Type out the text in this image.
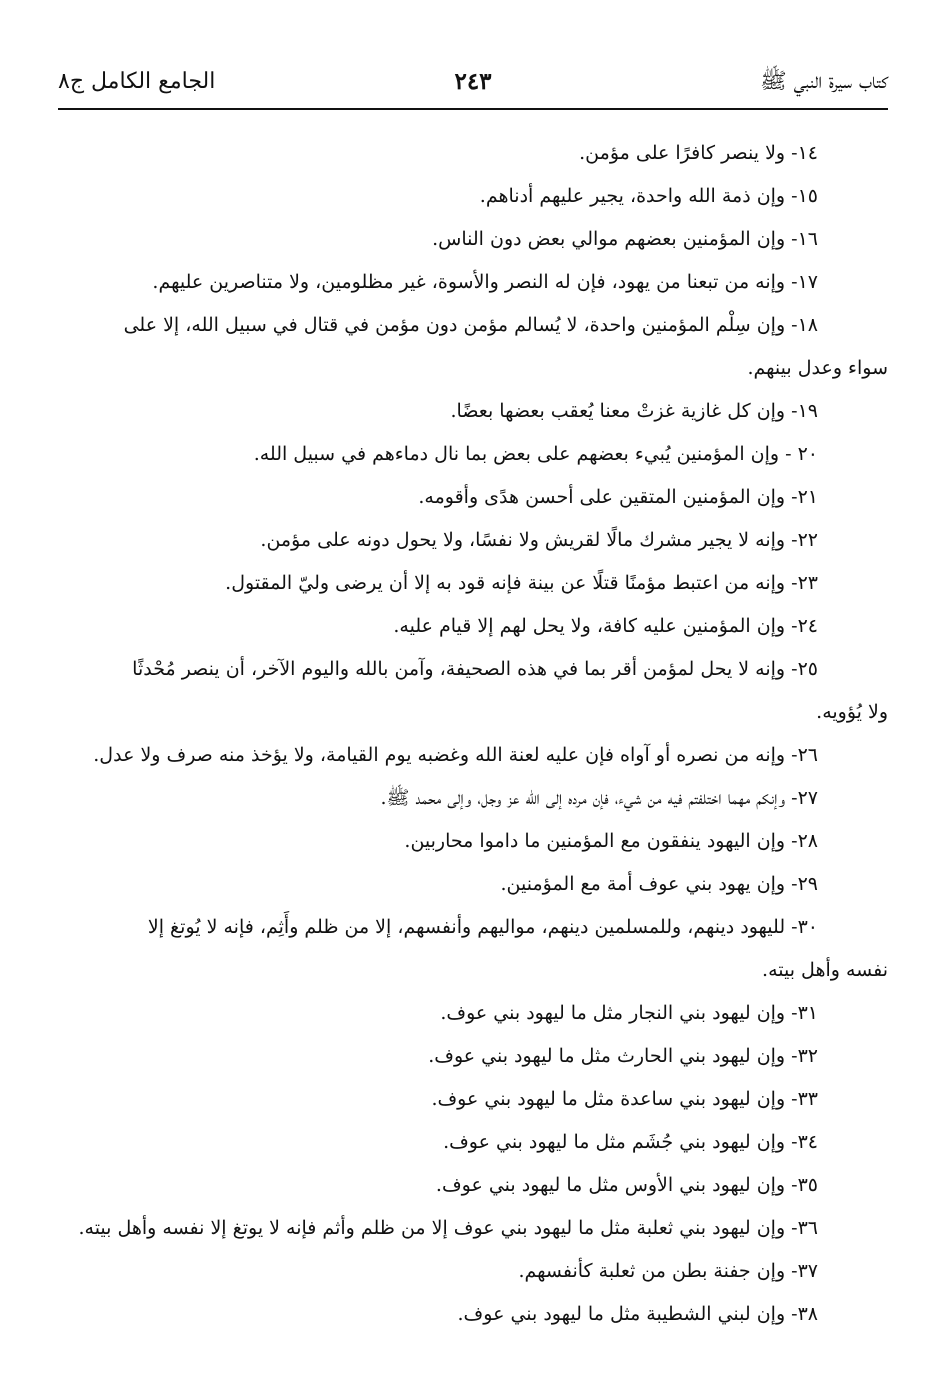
كتاب سيرة النبي ﷺ
٢٤٣
الجامع الكامل ج٨
١٤- ولا ينصر كافرًا على مؤمن.
١٥- وإن ذمة الله واحدة، يجير عليهم أدناهم.
١٦- وإن المؤمنين بعضهم موالي بعض دون الناس.
١٧- وإنه من تبعنا من يهود، فإن له النصر والأسوة، غير مظلومين، ولا متناصرين عليهم.
١٨- وإن سِلْم المؤمنين واحدة، لا يُسالم مؤمن دون مؤمن في قتال في سبيل الله، إلا على
سواء وعدل بينهم.
١٩- وإن كل غازية غزتْ معنا يُعقب بعضها بعضًا.
٢٠ - وإن المؤمنين يُبيء بعضهم على بعض بما نال دماءهم في سبيل الله.
٢١- وإن المؤمنين المتقين على أحسن هدًى وأقومه.
٢٢- وإنه لا يجير مشرك مالًا لقريش ولا نفسًا، ولا يحول دونه على مؤمن.
٢٣- وإنه من اعتبط مؤمنًا قتلًا عن بينة فإنه قود به إلا أن يرضى وليّ المقتول.
٢٤- وإن المؤمنين عليه كافة، ولا يحل لهم إلا قيام عليه.
٢٥- وإنه لا يحل لمؤمن أقر بما في هذه الصحيفة، وآمن بالله واليوم الآخر، أن ينصر مُحْدثًا
ولا يُؤويه.
٢٦- وإنه من نصره أو آواه فإن عليه لعنة الله وغضبه يوم القيامة، ولا يؤخذ منه صرف ولا عدل.
٢٧- وإنكم مهما اختلفتم فيه من شيء، فإن مرده إلى الله عز وجل، وإلى محمد ﷺ.
٢٨- وإن اليهود ينفقون مع المؤمنين ما داموا محاربين.
٢٩- وإن يهود بني عوف أمة مع المؤمنين.
٣٠- لليهود دينهم، وللمسلمين دينهم، مواليهم وأنفسهم، إلا من ظلم وأَثِم، فإنه لا يُوتغ إلا
نفسه وأهل بيته.
٣١- وإن ليهود بني النجار مثل ما ليهود بني عوف.
٣٢- وإن ليهود بني الحارث مثل ما ليهود بني عوف.
٣٣- وإن ليهود بني ساعدة مثل ما ليهود بني عوف.
٣٤- وإن ليهود بني جُشَم مثل ما ليهود بني عوف.
٣٥- وإن ليهود بني الأوس مثل ما ليهود بني عوف.
٣٦- وإن ليهود بني ثعلبة مثل ما ليهود بني عوف إلا من ظلم وأثم فإنه لا يوتغ إلا نفسه وأهل بيته.
٣٧- وإن جفنة بطن من ثعلبة كأنفسهم.
٣٨- وإن لبني الشطيبة مثل ما ليهود بني عوف.
